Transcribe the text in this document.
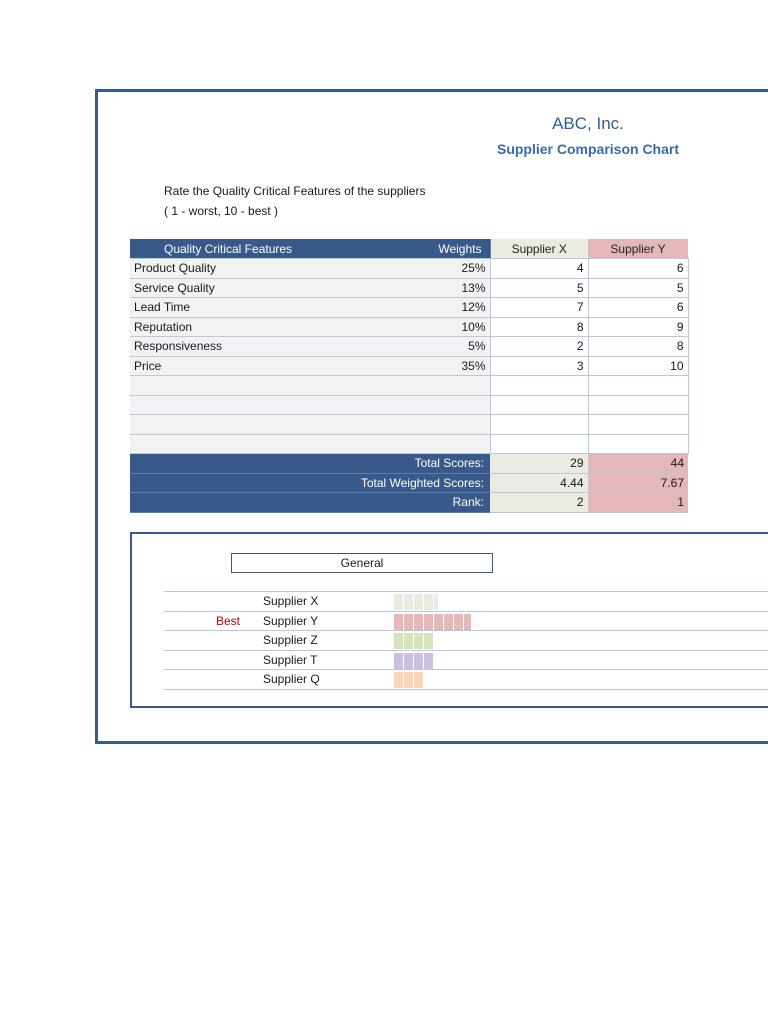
ABC, Inc.
Supplier Comparison Chart
Rate the Quality Critical Features of the suppliers
( 1 - worst, 10 - best )
Quality Critical Features	Weights	Supplier X	Supplier Y
Product Quality	25%	4	6
Service Quality	13%	5	5
Lead Time	12%	7	6
Reputation	10%	8	9
Responsiveness	5%	2	8
Price	35%	3	10

Total Scores:		29	44
Total Weighted Scores:		4.44	7.67
Rank:		2	1
General
Supplier X
Best Supplier Y
Supplier Z
Supplier T
Supplier Q
